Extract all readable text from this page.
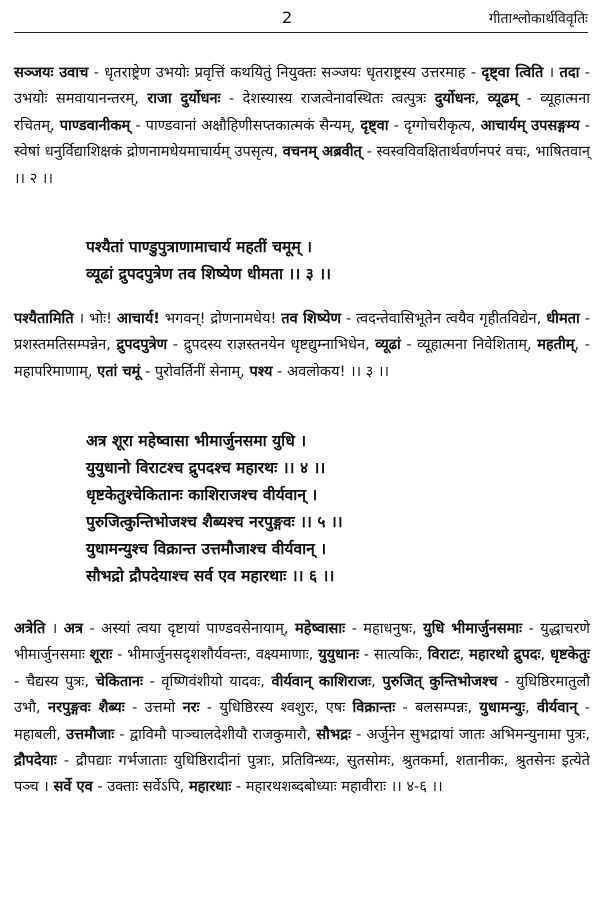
2	गीताश्लोकार्थविवृतिः
सञ्जयः उवाच - धृतराष्ट्रेण उभयोः प्रवृत्तिं कथयितुं नियुक्तः सञ्जयः धृतराष्ट्रस्य उत्तरमाह - दृष्ट्वा त्विति । तदा - उभयोः समवायानन्तरम्, राजा दुर्योधनः - देशस्यास्य राजत्वेनावस्थितः त्वत्पुत्रः दुर्योधनः, व्यूढम् - व्यूहात्मना रचितम्, पाण्डवानीकम् - पाण्डवानां अक्षौहिणीसप्तकात्मकं सैन्यम्, दृष्ट्वा - दृग्गोचरीकृत्य, आचार्यम् उपसङ्गम्य - स्वेषां धनुर्विद्याशिक्षकं द्रोणनामधेयमाचार्यम् उपसृत्य, वचनम् अब्रवीत् - स्वस्वविवक्षितार्थवर्णनपरं वचः, भाषितवान् ।। २ ।।
पश्यैतां पाण्डुपुत्राणामाचार्य महतीं चमूम् ।
व्यूढां द्रुपदपुत्रेण तव शिष्येण धीमता ।। ३ ।।
पश्यैतामिति । भोः! आचार्य! भगवन्! द्रोणनामधेय! तव शिष्येण - त्वदन्तेवासिभूतेन त्वयैव गृहीतविद्येन, धीमता - प्रशस्तमतिसम्पन्नेन, द्रुपदपुत्रेण - द्रुपदस्य राज्ञस्तनयेन धृष्टद्युम्नाभिधेन, व्यूढां - व्यूहात्मना निवेशिताम्, महतीम्, - महापरिमाणाम्, एतां चमूं - पुरोवर्तिनीं सेनाम्, पश्य - अवलोकय! ।। ३ ।।
अत्र शूरा महेष्वासा भीमार्जुनसमा युधि ।
युयुधानो विराटश्च द्रुपदश्च महारथः ।। ४ ।।
धृष्टकेतुश्चेकितानः काशिराजश्च वीर्यवान् ।
पुरुजित्कुन्तिभोजश्च शैब्यश्च नरपुङ्गवः ।। ५ ।।
युधामन्युश्च विक्रान्त उत्तमौजाश्च वीर्यवान् ।
सौभद्रो द्रौपदेयाश्च सर्व एव महारथाः ।। ६ ।।
अत्रेति । अत्र - अस्यां त्वया दृष्टायां पाण्डवसेनायाम्, महेष्वासाः - महाधनुषः, युधि भीमार्जुनसमाः - युद्धाचरणे भीमार्जुनसमाः शूराः - भीमार्जुनसदृशशौर्यवन्तः, वक्ष्यमाणाः, युयुधानः - सात्यकिः, विराटः, महारथो द्रुपदः, धृष्टकेतुः - चैद्यस्य पुत्रः, चेकितानः - वृष्णिवंशीयो यादवः, वीर्यवान् काशिराजः, पुरुजित् कुन्तिभोजश्च - युधिष्ठिरमातुलौ उभौ, नरपुङ्गवः शैब्यः - उत्तमो नरः - युधिष्ठिरस्य श्वशुरः, एषः विक्रान्तः - बलसम्पन्नः, युधामन्युः, वीर्यवान् - महाबली, उत्तमौजाः - द्वाविमौ पाञ्चालदेशीयौ राजकुमारौ, सौभद्रः - अर्जुनेन सुभद्रायां जातः अभिमन्युनामा पुत्रः, द्रौपदेयाः - द्रौपद्याः गर्भजाताः युधिष्ठिरादीनां पुत्राः, प्रतिविन्ध्यः, सुतसोमः, श्रुतकर्मा, शतानीकः, श्रुतसेनः इत्येते पञ्च । सर्वे एव - उक्ताः सर्वेऽपि, महारथाः - महारथशब्दबोध्याः महावीराः ।। ४-६ ।।
